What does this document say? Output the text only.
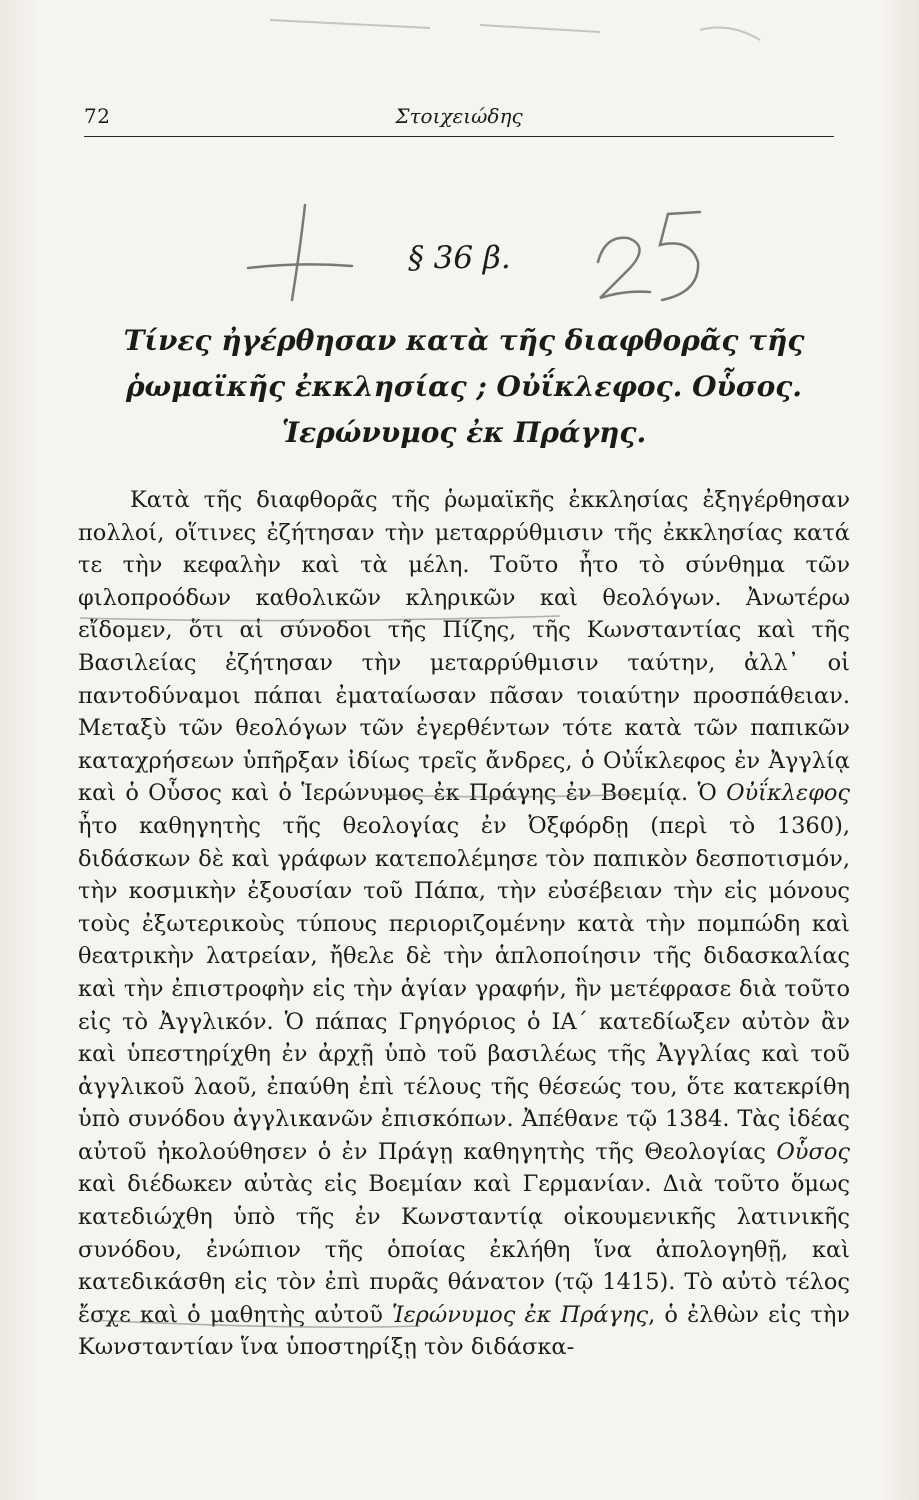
72	Στοιχειώδης
§ 36 β.
Τίνες ἠγέρθησαν κατὰ τῆς διαφθορᾶς τῆς ῥωμαϊκῆς ἐκκλησίας ; Οὐΐκλεφος. Οὗσος. Ἱερώνυμος ἐκ Πράγης.
Κατὰ τῆς διαφθορᾶς τῆς ῥωμαϊκῆς ἐκκλησίας ἐξηγέρθησαν πολλοί, οἵτινες ἐζήτησαν τὴν μεταρρύθμισιν τῆς ἐκκλησίας κατά τε τὴν κεφαλὴν καὶ τὰ μέλη. Τοῦτο ἦτο τὸ σύνθημα τῶν φιλοπροόδων καθολικῶν κληρικῶν καὶ θεολόγων. Ἀνωτέρω εἴδομεν, ὅτι αἱ σύνοδοι τῆς Πίζης, τῆς Κωνσταντίας καὶ τῆς Βασιλείας ἐζήτησαν τὴν μεταρρύθμισιν ταύτην, ἀλλ᾽ οἱ παντοδύναμοι πάπαι ἐματαίωσαν πᾶσαν τοιαύτην προσπάθειαν. Μεταξὺ τῶν θεολόγων τῶν ἐγερθέντων τότε κατὰ τῶν παπικῶν καταχρήσεων ὑπῆρξαν ἰδίως τρεῖς ἄνδρες, ὁ Οὐΐκλεφος ἐν Ἀγγλίᾳ καὶ ὁ Οὗσος καὶ ὁ Ἱερώνυμος ἐκ Πράγης ἐν Βοεμίᾳ. Ὁ Οὐΐκλεφος ἦτο καθηγητὴς τῆς θεολογίας ἐν Ὀξφόρδῃ (περὶ τὸ 1360), διδάσκων δὲ καὶ γράφων κατεπολέμησε τὸν παπικὸν δεσποτισμόν, τὴν κοσμικὴν ἐξουσίαν τοῦ Πάπα, τὴν εὐσέβειαν τὴν εἰς μόνους τοὺς ἐξωτερικοὺς τύπους περιοριζομένην κατὰ τὴν πομπώδη καὶ θεατρικὴν λατρείαν, ἤθελε δὲ τὴν ἁπλοποίησιν τῆς διδασκαλίας καὶ τὴν ἐπιστροφὴν εἰς τὴν ἁγίαν γραφήν, ἣν μετέφρασε διὰ τοῦτο εἰς τὸ Ἀγγλικόν. Ὁ πάπας Γρηγόριος ὁ ΙΑ´ κατεδίωξεν αὐτὸν ἂν καὶ ὑπεστηρίχθη ἐν ἀρχῇ ὑπὸ τοῦ βασιλέως τῆς Ἀγγλίας καὶ τοῦ ἀγγλικοῦ λαοῦ, ἐπαύθη ἐπὶ τέλους τῆς θέσεώς του, ὅτε κατεκρίθη ὑπὸ συνόδου ἀγγλικανῶν ἐπισκόπων. Ἀπέθανε τῷ 1384. Τὰς ἰδέας αὐτοῦ ἠκολούθησεν ὁ ἐν Πράγῃ καθηγητὴς τῆς Θεολογίας Οὗσος καὶ διέδωκεν αὐτὰς εἰς Βοεμίαν καὶ Γερμανίαν. Διὰ τοῦτο ὅμως κατεδιώχθη ὑπὸ τῆς ἐν Κωνσταντίᾳ οἰκουμενικῆς λατινικῆς συνόδου, ἐνώπιον τῆς ὁποίας ἐκλήθη ἵνα ἀπολογηθῇ, καὶ κατεδικάσθη εἰς τὸν ἐπὶ πυρᾶς θάνατον (τῷ 1415). Τὸ αὐτὸ τέλος ἔσχε καὶ ὁ μαθητὴς αὐτοῦ Ἱερώνυμος ἐκ Πράγης, ὁ ἐλθὼν εἰς τὴν Κωνσταντίαν ἵνα ὑποστηρίξῃ τὸν διδάσκα-
25
